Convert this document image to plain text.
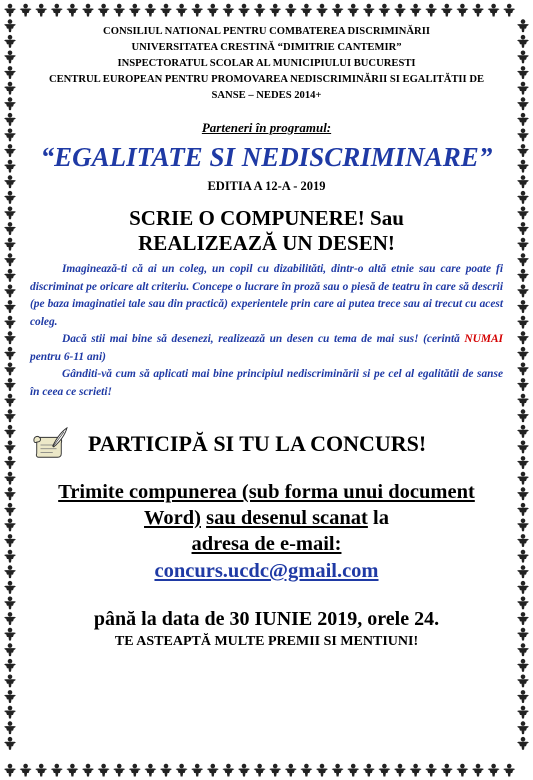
CONSILIUL NATIONAL PENTRU COMBATEREA DISCRIMINĂRII
UNIVERSITATEA CRESTINĂ “DIMITRIE CANTEMIR”
INSPECTORATUL SCOLAR AL MUNICIPIULUI BUCURESTI
CENTRUL EUROPEAN PENTRU PROMOVAREA NEDISCRIMINĂRII SI EGALITĂTII DE
SANSE – NEDES 2014+
Parteneri în programul:
“EGALITATE SI NEDISCRIMINARE”
EDITIA A 12-A - 2019
SCRIE O COMPUNERE! Sau
REALIZEAZĂ UN DESEN!

Imaginează-ti că ai un coleg, un copil cu dizabilităti, dintr-o altă etnie sau care poate fi discriminat pe oricare alt criteriu. Concepe o lucrare în proză sau o piesă de teatru în care să descrii (pe baza imaginatiei tale sau din practică) experientele prin care ai putea trece sau ai trecut cu acest coleg.

Dacă stii mai bine să desenezi, realizează un desen cu tema de mai sus! (cerintă NUMAI pentru 6-11 ani)

Gânditi-vă cum să aplicati mai bine principiul nediscriminării si pe cel al egalitătii de sanse în ceea ce scrieti!

PARTICIPĂ SI TU LA CONCURS!
Trimite compunerea (sub forma unui document Word) sau desenul scanat la
adresa de e-mail:
concurs.ucdc@gmail.com
până la data de 30 IUNIE 2019, orele 24.
TE ASTEAPTĂ MULTE PREMII SI MENTIUNI!
